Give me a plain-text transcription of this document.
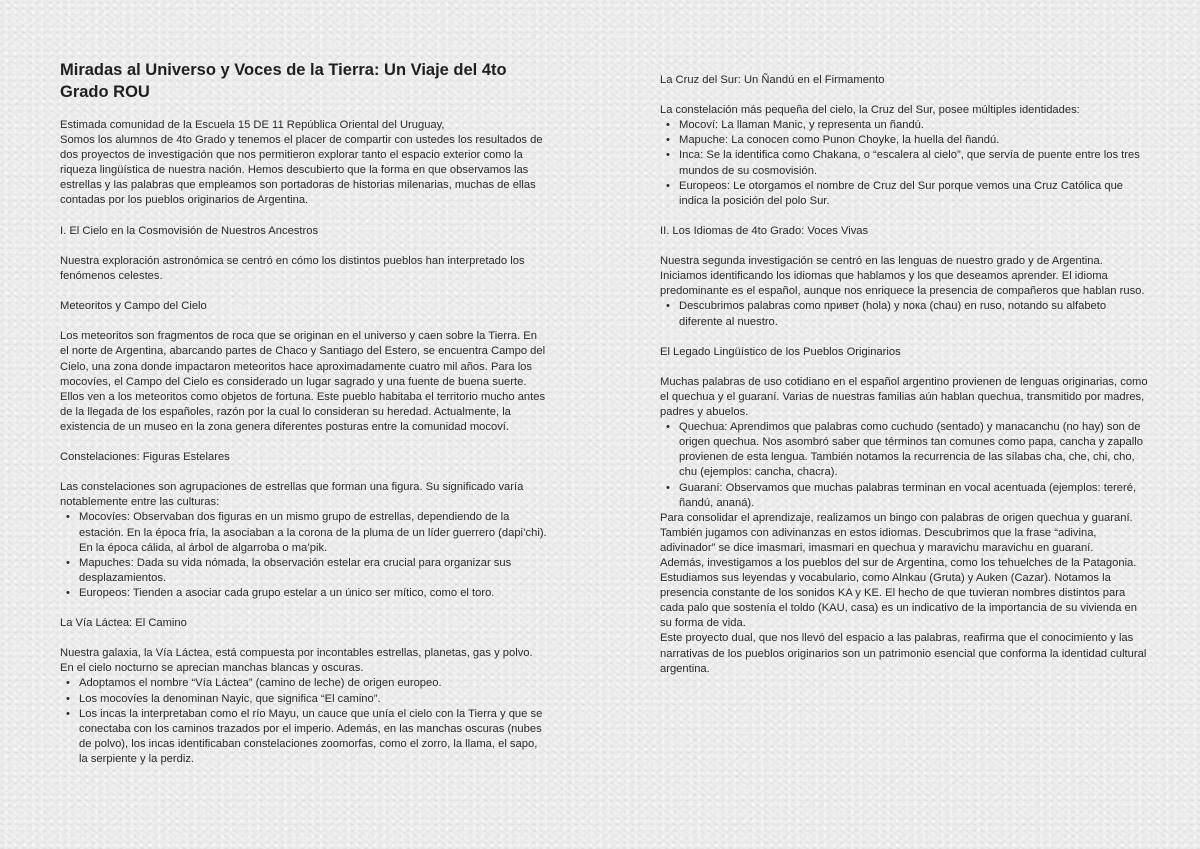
Miradas al Universo y Voces de la Tierra: Un Viaje del 4to Grado ROU

Estimada comunidad de la Escuela 15 DE 11 República Oriental del Uruguay,

Somos los alumnos de 4to Grado y tenemos el placer de compartir con ustedes los resultados de dos proyectos de investigación que nos permitieron explorar tanto el espacio exterior como la riqueza lingüística de nuestra nación. Hemos descubierto que la forma en que observamos las estrellas y las palabras que empleamos son portadoras de historias milenarias, muchas de ellas contadas por los pueblos originarios de Argentina.

I. El Cielo en la Cosmovisión de Nuestros Ancestros

Nuestra exploración astronómica se centró en cómo los distintos pueblos han interpretado los fenómenos celestes.

Meteoritos y Campo del Cielo

Los meteoritos son fragmentos de roca que se originan en el universo y caen sobre la Tierra. En el norte de Argentina, abarcando partes de Chaco y Santiago del Estero, se encuentra Campo del Cielo, una zona donde impactaron meteoritos hace aproximadamente cuatro mil años. Para los mocovíes, el Campo del Cielo es considerado un lugar sagrado y una fuente de buena suerte. Ellos ven a los meteoritos como objetos de fortuna. Este pueblo habitaba el territorio mucho antes de la llegada de los españoles, razón por la cual lo consideran su heredad. Actualmente, la existencia de un museo en la zona genera diferentes posturas entre la comunidad mocoví.

Constelaciones: Figuras Estelares

Las constelaciones son agrupaciones de estrellas que forman una figura. Su significado varía notablemente entre las culturas:

• Mocovíes: Observaban dos figuras en un mismo grupo de estrellas, dependiendo de la estación. En la época fría, la asociaban a la corona de la pluma de un líder guerrero (dapi’chi). En la época cálida, al árbol de algarroba o ma’pik.
• Mapuches: Dada su vida nómada, la observación estelar era crucial para organizar sus desplazamientos.
• Europeos: Tienden a asociar cada grupo estelar a un único ser mítico, como el toro.

La Vía Láctea: El Camino

Nuestra galaxia, la Vía Láctea, está compuesta por incontables estrellas, planetas, gas y polvo. En el cielo nocturno se aprecian manchas blancas y oscuras.

• Adoptamos el nombre “Vía Láctea” (camino de leche) de origen europeo.
• Los mocovíes la denominan Nayic, que significa “El camino”.
• Los incas la interpretaban como el río Mayu, un cauce que unía el cielo con la Tierra y que se conectaba con los caminos trazados por el imperio. Además, en las manchas oscuras (nubes de polvo), los incas identificaban constelaciones zoomorfas, como el zorro, la llama, el sapo, la serpiente y la perdiz.

La Cruz del Sur: Un Ñandú en el Firmamento

La constelación más pequeña del cielo, la Cruz del Sur, posee múltiples identidades:

• Mocoví: La llaman Manic, y representa un ñandú.
• Mapuche: La conocen como Punon Choyke, la huella del ñandú.
• Inca: Se la identifica como Chakana, o “escalera al cielo”, que servía de puente entre los tres mundos de su cosmovisión.
• Europeos: Le otorgamos el nombre de Cruz del Sur porque vemos una Cruz Católica que indica la posición del polo Sur.

II. Los Idiomas de 4to Grado: Voces Vivas

Nuestra segunda investigación se centró en las lenguas de nuestro grado y de Argentina. Iniciamos identificando los idiomas que hablamos y los que deseamos aprender. El idioma predominante es el español, aunque nos enriquece la presencia de compañeros que hablan ruso.

• Descubrimos palabras como привет (hola) y пока (chau) en ruso, notando su alfabeto diferente al nuestro.

El Legado Lingüístico de los Pueblos Originarios

Muchas palabras de uso cotidiano en el español argentino provienen de lenguas originarias, como el quechua y el guaraní. Varias de nuestras familias aún hablan quechua, transmitido por madres, padres y abuelos.

• Quechua: Aprendimos que palabras como cuchudo (sentado) y manacanchu (no hay) son de origen quechua. Nos asombró saber que términos tan comunes como papa, cancha y zapallo provienen de esta lengua. También notamos la recurrencia de las sílabas cha, che, chi, cho, chu (ejemplos: cancha, chacra).
• Guaraní: Observamos que muchas palabras terminan en vocal acentuada (ejemplos: tereré, ñandú, ananá).

Para consolidar el aprendizaje, realizamos un bingo con palabras de origen quechua y guaraní. También jugamos con adivinanzas en estos idiomas. Descubrimos que la frase “adivina, adivinador” se dice imasmari, imasmari en quechua y maravichu maravichu en guaraní.

Además, investigamos a los pueblos del sur de Argentina, como los tehuelches de la Patagonia. Estudiamos sus leyendas y vocabulario, como Alnkau (Gruta) y Auken (Cazar). Notamos la presencia constante de los sonidos KA y KE. El hecho de que tuvieran nombres distintos para cada palo que sostenía el toldo (KAU, casa) es un indicativo de la importancia de su vivienda en su forma de vida.

Este proyecto dual, que nos llevó del espacio a las palabras, reafirma que el conocimiento y las narrativas de los pueblos originarios son un patrimonio esencial que conforma la identidad cultural argentina.
